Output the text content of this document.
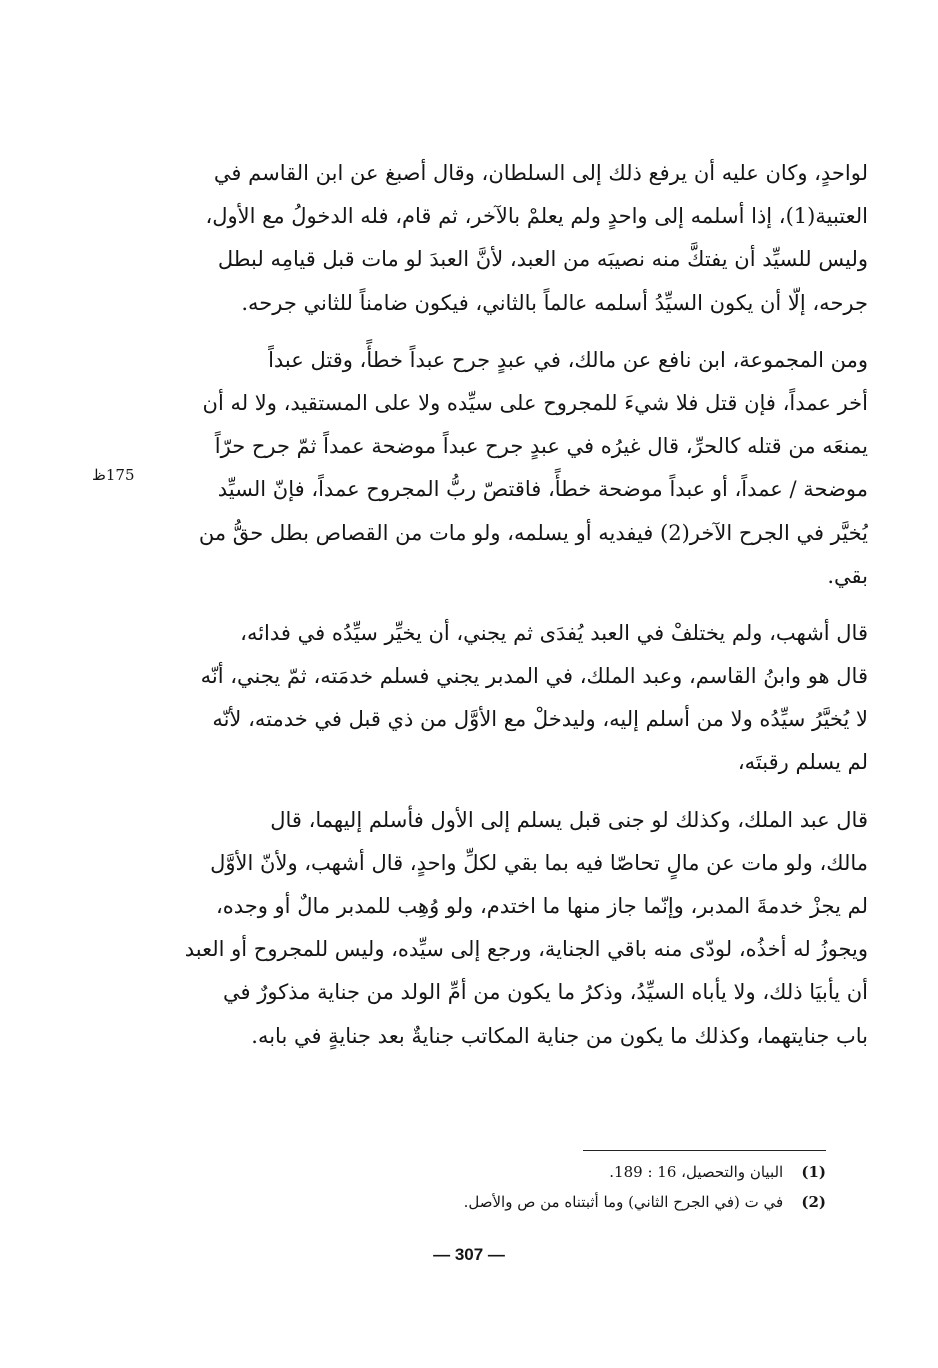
لواحدٍ، وكان عليه أن يرفع ذلك إلى السلطان، وقال أصبغ عن ابن القاسم في
العتبية(1)، إذا أسلمه إلى واحدٍ ولم يعلمْ بالآخر، ثم قام، فله الدخولُ مع الأول،
وليس للسيِّد أن يفتكَّ منه نصيبَه من العبد، لأنَّ العبدَ لو مات قبل قيامِه لبطل
جرحه، إلّا أن يكون السيِّدُ أسلمه عالماً بالثاني، فيكون ضامناً للثاني جرحه.
ومن المجموعة، ابن نافع عن مالك، في عبدٍ جرح عبداً خطأً، وقتل عبداً
أخر عمداً، فإن قتل فلا شيءَ للمجروح على سيِّده ولا على المستقيد، ولا له أن
يمنعَه من قتله كالحرِّ، قال غيرُه في عبدٍ جرح عبداً موضحة عمداً ثمّ جرح حرّاً
موضحة / عمداً، أو عبداً موضحة خطأً، فاقتصّ ربُّ المجروح عمداً، فإنّ السيِّد
يُخيَّر في الجرح الآخر(2) فيفديه أو يسلمه، ولو مات من القصاص بطل حقُّ من
بقي.
قال أشهب، ولم يختلفْ في العبد يُفدَى ثم يجني، أن يخيِّر سيِّدُه في فدائه،
قال هو وابنُ القاسم، وعبد الملك، في المدبر يجني فسلم خدمَته، ثمّ يجني، أنّه
لا يُخيَّرُ سيِّدُه ولا من أسلم إليه، وليدخلْ مع الأوَّل من ذي قبل في خدمته، لأنّه
لم يسلم رقبتَه،
قال عبد الملك، وكذلك لو جنى قبل يسلم إلى الأول فأسلم إليهما، قال
مالك، ولو مات عن مالٍ تحاصّا فيه بما بقي لكلِّ واحدٍ، قال أشهب، ولأنّ الأوَّل
لم يجزْ خدمةَ المدبر، وإنّما جاز منها ما اختدم، ولو وُهِب للمدبر مالٌ أو وجده،
ويجوزُ له أخذُه، لودّى منه باقي الجناية، ورجع إلى سيِّده، وليس للمجروح أو العبد
أن يأبيَا ذلك، ولا يأباه السيِّدُ، وذكرُ ما يكون من أمِّ الولد من جناية مذكورٌ في
باب جنايتهما، وكذلك ما يكون من جناية المكاتب جنايةٌ بعد جنايةٍ في بابه.
175ظ
(1) البيان والتحصيل، 16 : 189.
(2) في ت (في الجرح الثاني) وما أثبتناه من ص والأصل.
— 307 —
